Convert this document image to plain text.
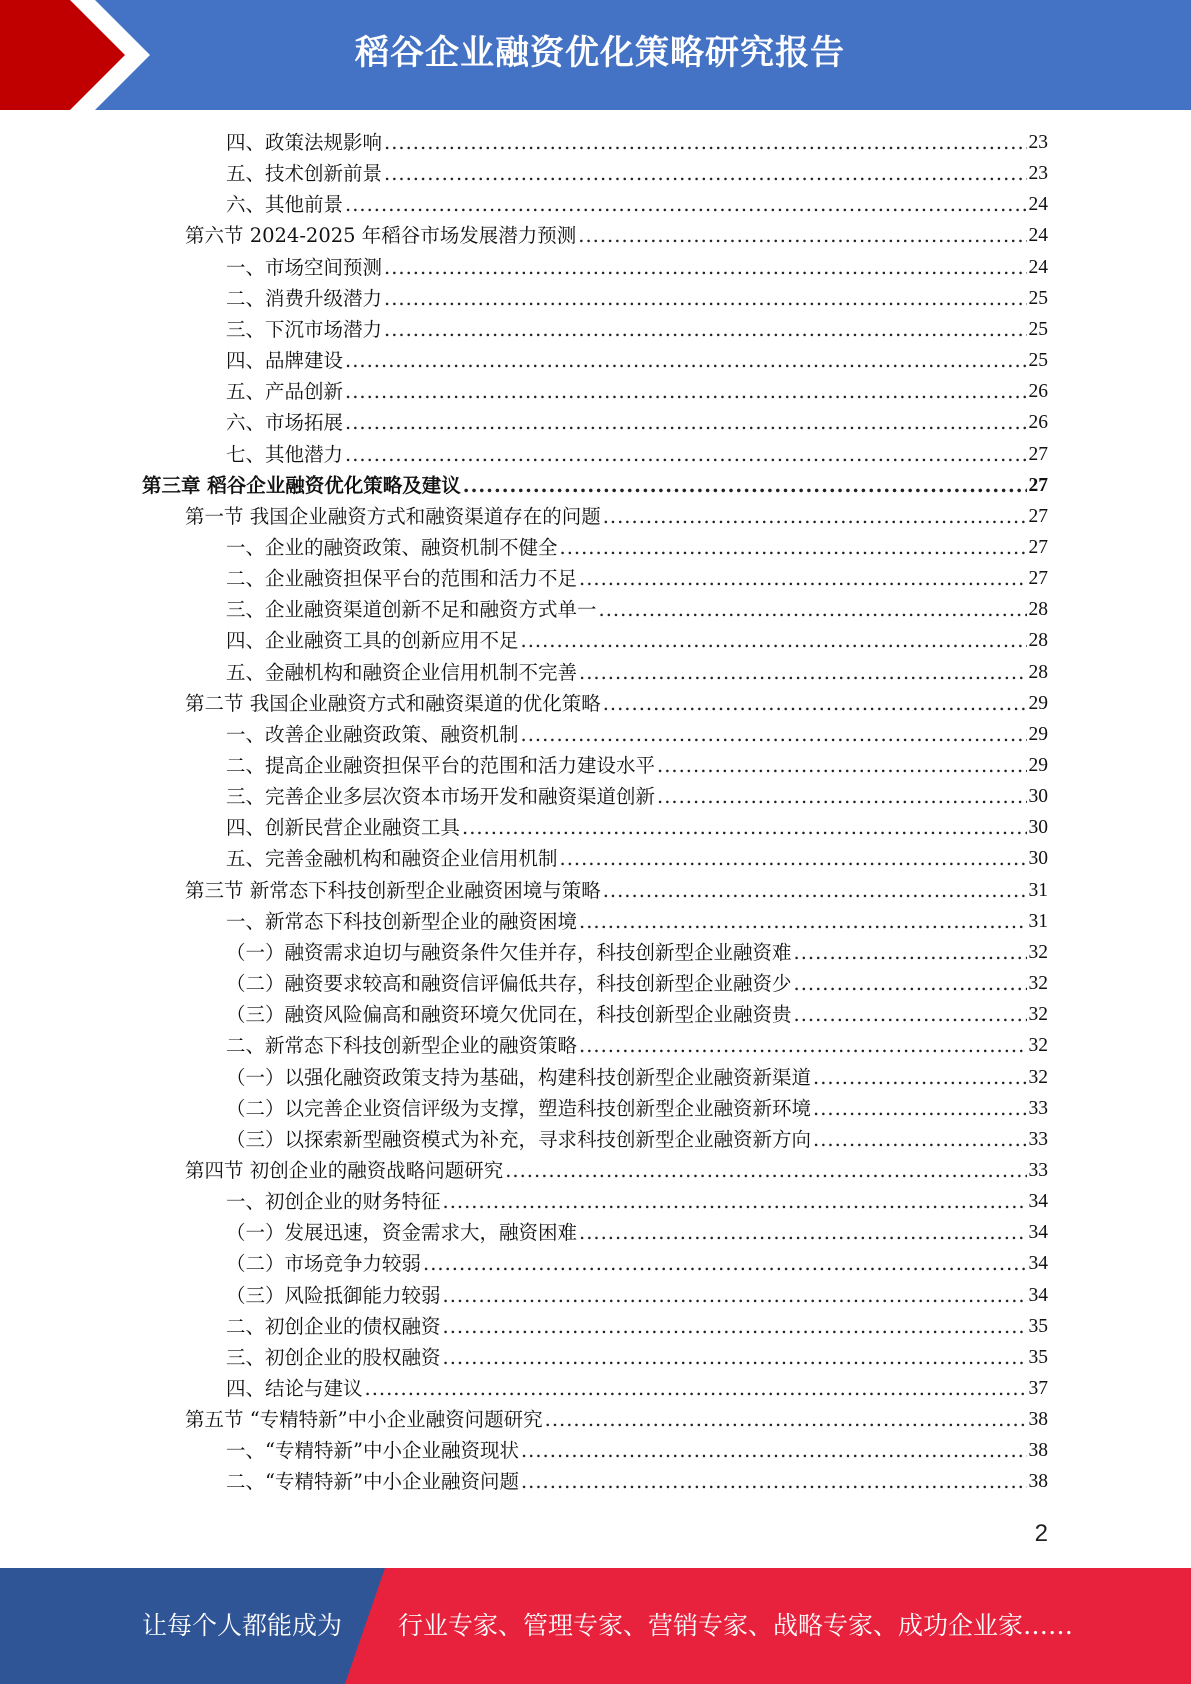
稻谷企业融资优化策略研究报告
四、政策法规影响 .....	23
五、技术创新前景 .....	23
六、其他前景 .....	24
第六节 2024-2025 年稻谷市场发展潜力预测 .....	24
一、市场空间预测 .....	24
二、消费升级潜力 .....	25
三、下沉市场潜力 .....	25
四、品牌建设 .....	25
五、产品创新 .....	26
六、市场拓展 .....	26
七、其他潜力 .....	27
第三章 稻谷企业融资优化策略及建议 .....	27
第一节 我国企业融资方式和融资渠道存在的问题 .....	27
一、企业的融资政策、融资机制不健全 .....	27
二、企业融资担保平台的范围和活力不足 .....	27
三、企业融资渠道创新不足和融资方式单一 .....	28
四、企业融资工具的创新应用不足 .....	28
五、金融机构和融资企业信用机制不完善 .....	28
第二节 我国企业融资方式和融资渠道的优化策略 .....	29
一、改善企业融资政策、融资机制 .....	29
二、提高企业融资担保平台的范围和活力建设水平 .....	29
三、完善企业多层次资本市场开发和融资渠道创新 .....	30
四、创新民营企业融资工具 .....	30
五、完善金融机构和融资企业信用机制 .....	30
第三节 新常态下科技创新型企业融资困境与策略 .....	31
一、新常态下科技创新型企业的融资困境 .....	31
（一）融资需求迫切与融资条件欠佳并存，科技创新型企业融资难 .....	32
（二）融资要求较高和融资信评偏低共存，科技创新型企业融资少 .....	32
（三）融资风险偏高和融资环境欠优同在，科技创新型企业融资贵 .....	32
二、新常态下科技创新型企业的融资策略 .....	32
（一）以强化融资政策支持为基础，构建科技创新型企业融资新渠道 .....	32
（二）以完善企业资信评级为支撑，塑造科技创新型企业融资新环境 .....	33
（三）以探索新型融资模式为补充，寻求科技创新型企业融资新方向 .....	33
第四节 初创企业的融资战略问题研究 .....	33
一、初创企业的财务特征 .....	34
（一）发展迅速，资金需求大，融资困难 .....	34
（二）市场竞争力较弱 .....	34
（三）风险抵御能力较弱 .....	34
二、初创企业的债权融资 .....	35
三、初创企业的股权融资 .....	35
四、结论与建议 .....	37
第五节 “专精特新”中小企业融资问题研究 .....	38
一、“专精特新”中小企业融资现状 .....	38
二、“专精特新”中小企业融资问题 .....	38
2
让每个人都能成为 行业专家、管理专家、营销专家、战略专家、成功企业家……
